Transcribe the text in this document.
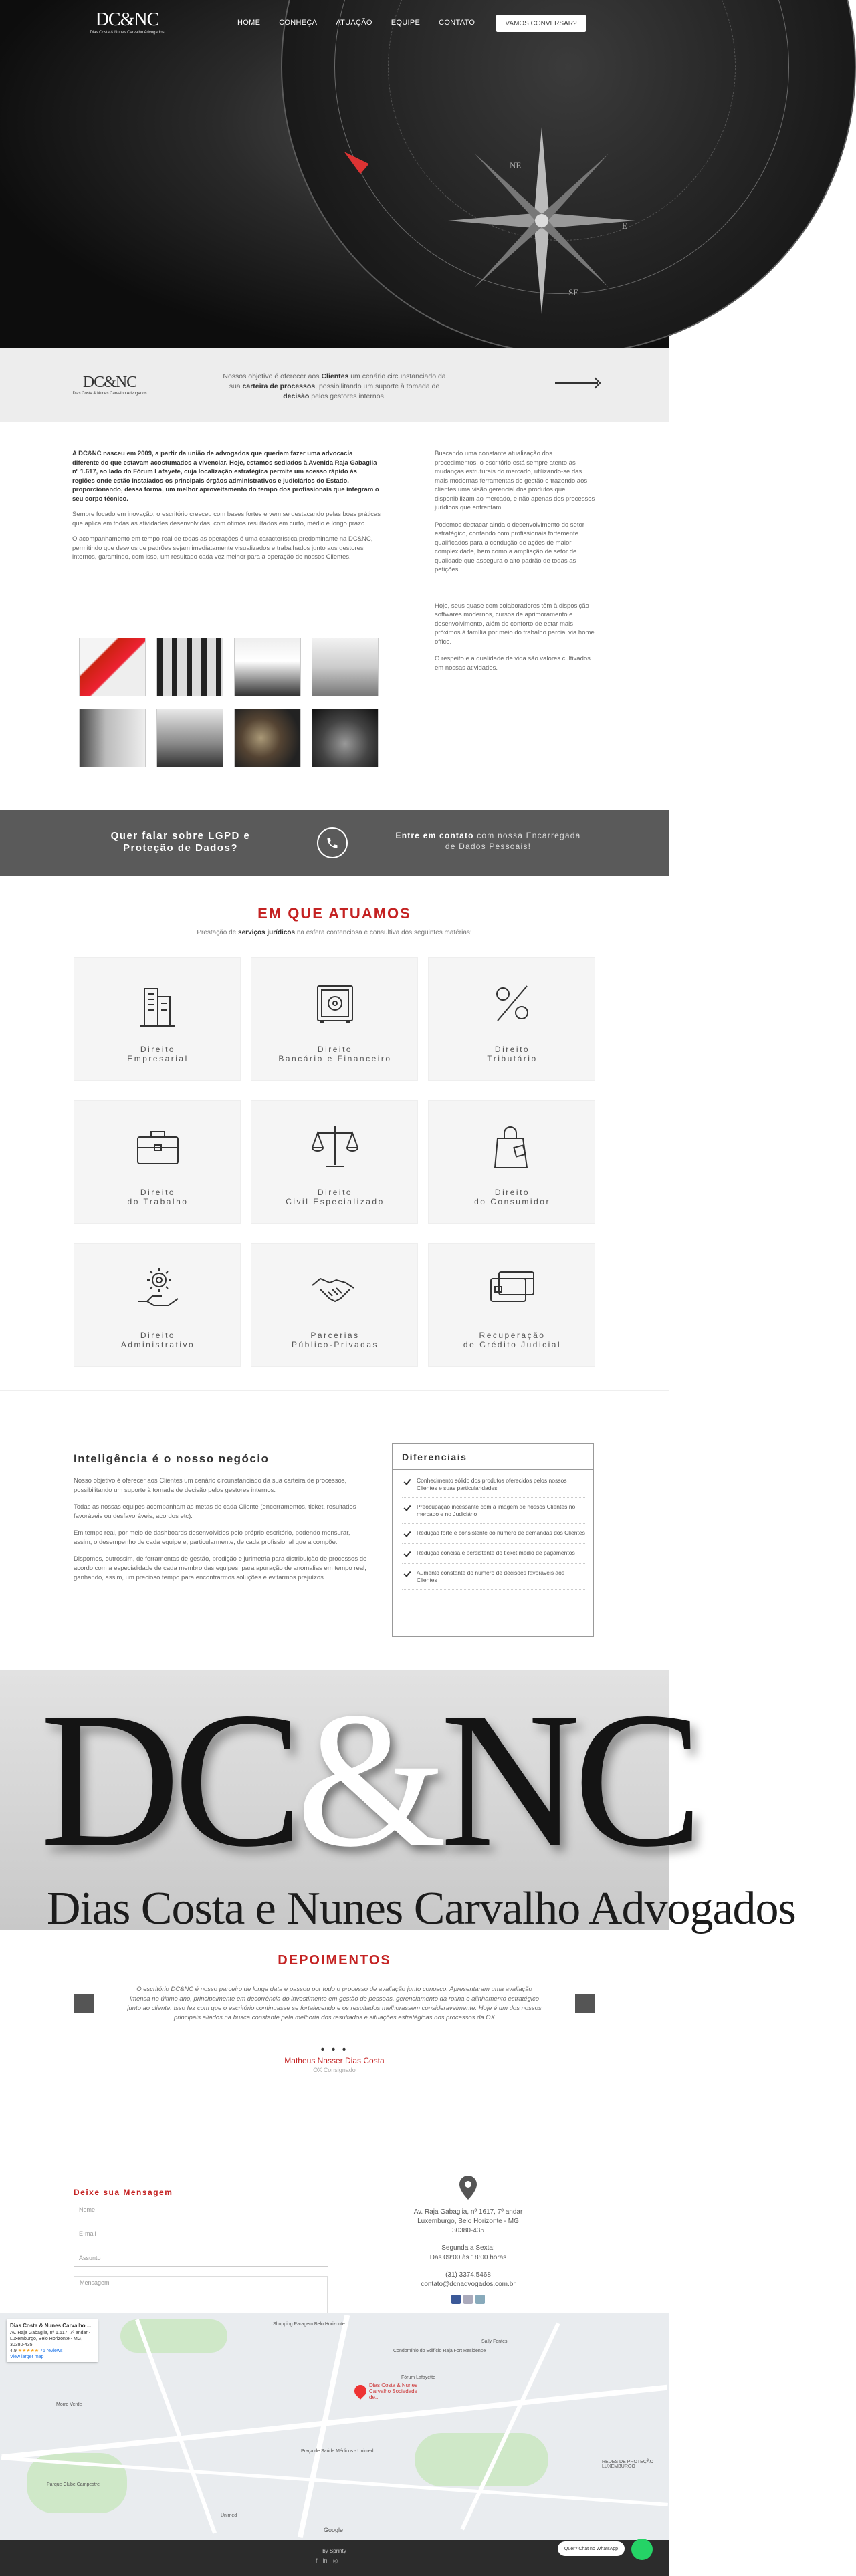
NE
E
SE
DC&NC
Dias Costa & Nunes Carvalho Advogados
HOME	CONHEÇA	ATUAÇÃO	EQUIPE	CONTATO	VAMOS CONVERSAR?
DC&NC
Dias Costa & Nunes Carvalho Advogados

Nossos objetivo é oferecer aos Clientes um cenário circunstanciado da sua carteira de processos, possibilitando um suporte à tomada de decisão pelos gestores internos.

A DC&NC nasceu em 2009, a partir da união de advogados que queriam fazer uma advocacia diferente do que estavam acostumados a vivenciar. Hoje, estamos sediados à Avenida Raja Gabaglia nº 1.617, ao lado do Fórum Lafayete, cuja localização estratégica permite um acesso rápido às regiões onde estão instalados os principais órgãos administrativos e judiciários do Estado, proporcionando, dessa forma, um melhor aproveitamento do tempo dos profissionais que integram o seu corpo técnico.

Sempre focado em inovação, o escritório cresceu com bases fortes e vem se destacando pelas boas práticas que aplica em todas as atividades desenvolvidas, com ótimos resultados em curto, médio e longo prazo.

O acompanhamento em tempo real de todas as operações é uma característica predominante na DC&NC, permitindo que desvios de padrões sejam imediatamente visualizados e trabalhados junto aos gestores internos, garantindo, com isso, um resultado cada vez melhor para a operação de nossos Clientes.

Buscando uma constante atualização dos procedimentos, o escritório está sempre atento às mudanças estruturais do mercado, utilizando-se das mais modernas ferramentas de gestão e trazendo aos clientes uma visão gerencial dos produtos que disponibilizam ao mercado, e não apenas dos processos jurídicos que enfrentam.

Podemos destacar ainda o desenvolvimento do setor estratégico, contando com profissionais fortemente qualificados para a condução de ações de maior complexidade, bem como a ampliação de setor de qualidade que assegura o alto padrão de todas as petições.

Hoje, seus quase cem colaboradores têm à disposição softwares modernos, cursos de aprimoramento e desenvolvimento, além do conforto de estar mais próximos à família por meio do trabalho parcial via home office.

O respeito e a qualidade de vida são valores cultivados em nossas atividades.

Quer falar sobre LGPD e Proteção de Dados?
Entre em contato com nossa Encarregada de Dados Pessoais!
EM QUE ATUAMOS
Prestação de serviços jurídicos na esfera contenciosa e consultiva dos seguintes matérias:
Direito
Empresarial
Direito
Bancário e Financeiro
Direito
Tributário
Direito
do Trabalho
Direito
Civil Especializado
Direito
do Consumidor
Direito
Administrativo
Parcerias
Público-Privadas
Recuperação
de Crédito Judicial
Inteligência é o nosso negócio

Nosso objetivo é oferecer aos Clientes um cenário circunstanciado da sua carteira de processos, possibilitando um suporte à tomada de decisão pelos gestores internos.

Todas as nossas equipes acompanham as metas de cada Cliente (encerramentos, ticket, resultados favoráveis ou desfavoráveis, acordos etc).

Em tempo real, por meio de dashboards desenvolvidos pelo próprio escritório, podendo mensurar, assim, o desempenho de cada equipe e, particularmente, de cada profissional que a compõe.

Dispomos, outrossim, de ferramentas de gestão, predição e jurimetria para distribuição de processos de acordo com a especialidade de cada membro das equipes, para apuração de anomalias em tempo real, ganhando, assim, um precioso tempo para encontrarmos soluções e evitarmos prejuízos.

Diferenciais
Conhecimento sólido dos produtos oferecidos pelos nossos Clientes e suas particularidades
Preocupação incessante com a imagem de nossos Clientes no mercado e no Judiciário
Redução forte e consistente do número de demandas dos Clientes
Redução concisa e persistente do ticket médio de pagamentos
Aumento constante do número de decisões favoráveis aos Clientes
DC&NC
Dias Costa e Nunes Carvalho Advogados
DEPOIMENTOS

O escritório DC&NC é nosso parceiro de longa data e passou por todo o processo de avaliação junto conosco. Apresentaram uma avaliação imensa no último ano, principalmente em decorrência do investimento em gestão de pessoas, gerenciamento da rotina e alinhamento estratégico junto ao cliente. Isso fez com que o escritório continuasse se fortalecendo e os resultados melhorassem consideravelmente. Hoje é um dos nossos principais aliados na busca constante pela melhoria dos resultados e situações estratégicas nos processos da OX

• • •
Matheus Nasser Dias Costa
OX Consignado
Deixe sua Mensagem
Nome
E-mail
Assunto
Mensagem
Av. Raja Gabaglia, nº 1617, 7º andar
Luxemburgo, Belo Horizonte - MG
30380-435
Segunda a Sexta:
Das 09:00 às 18:00 horas
(31) 3374.5468
contato@dcnadvogados.com.br
Dias Costa & Nunes Carvalho ...
Av. Raja Gabaglia, nº 1.617, 7º andar - Luxemburgo, Belo Horizonte - MG, 30380-435
4.9 ★★★★★ 76 reviews
View larger map
Dias Costa & Nunes Carvalho Sociedade de...
Shopping Paragem Belo Horizonte
Condomínio do Edifício Raja Fort Residence
Fórum Lafayette
Sally Fontes
Morro Verde
Praça de Saúde Médicos - Unimed
Parque Clube Campestre
Unimed
REDES DE PROTEÇÃO LUXEMBURGO
Google
by Sprinty
f in ◎
Quer? Chat no WhatsApp
